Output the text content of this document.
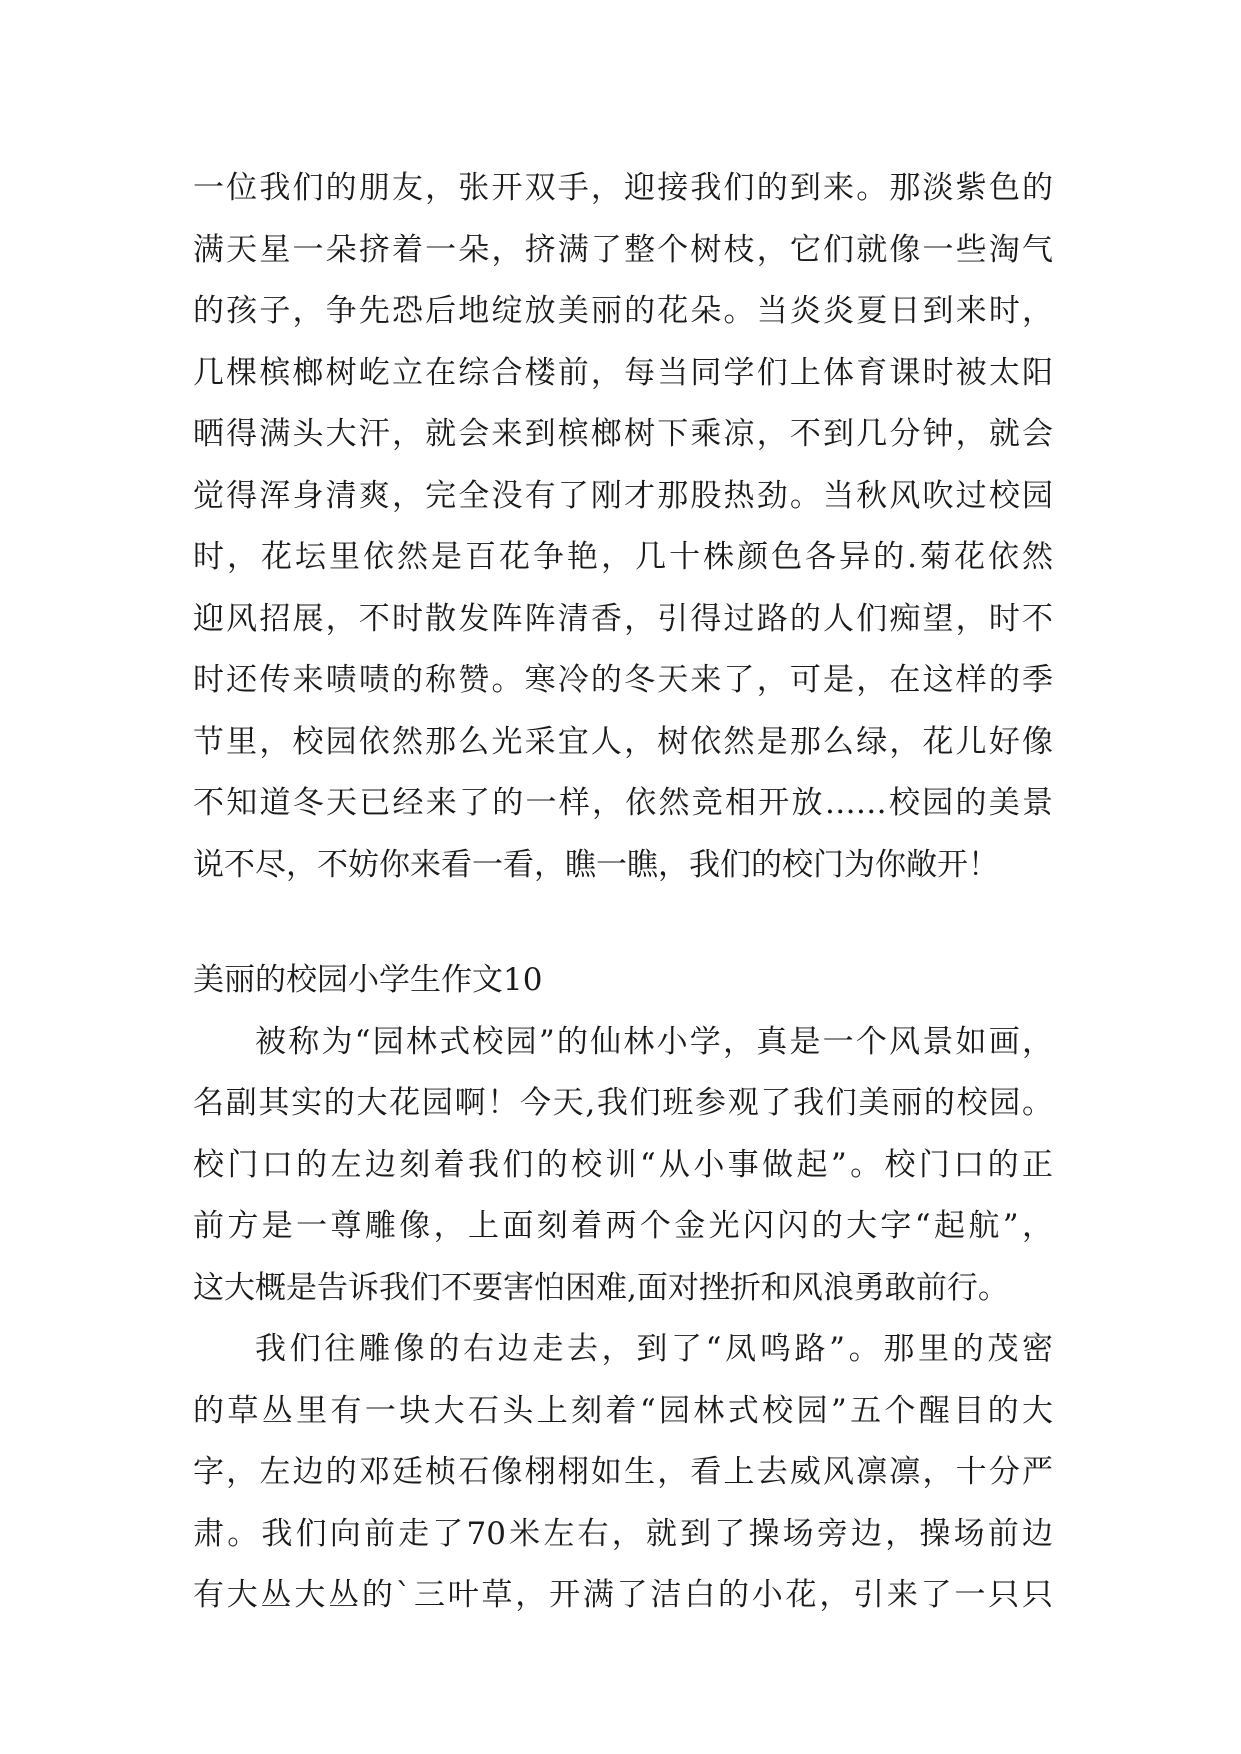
一位我们的朋友，张开双手，迎接我们的到来。那淡紫色的
满天星一朵挤着一朵，挤满了整个树枝，它们就像一些淘气
的孩子，争先恐后地绽放美丽的花朵。当炎炎夏日到来时，
几棵槟榔树屹立在综合楼前，每当同学们上体育课时被太阳
晒得满头大汗，就会来到槟榔树下乘凉，不到几分钟，就会
觉得浑身清爽，完全没有了刚才那股热劲。当秋风吹过校园
时，花坛里依然是百花争艳，几十株颜色各异的.菊花依然
迎风招展，不时散发阵阵清香，引得过路的人们痴望，时不
时还传来啧啧的称赞。寒冷的冬天来了，可是，在这样的季
节里，校园依然那么光采宜人，树依然是那么绿，花儿好像
不知道冬天已经来了的一样，依然竞相开放……校园的美景
说不尽，不妨你来看一看，瞧一瞧，我们的校门为你敞开！
美丽的校园小学生作文10
被称为“园林式校园”的仙林小学，真是一个风景如画，
名副其实的大花园啊！今天,我们班参观了我们美丽的校园。
校门口的左边刻着我们的校训“从小事做起”。校门口的正
前方是一尊雕像，上面刻着两个金光闪闪的大字“起航”，
这大概是告诉我们不要害怕困难,面对挫折和风浪勇敢前行。
我们往雕像的右边走去，到了“凤鸣路”。那里的茂密
的草丛里有一块大石头上刻着“园林式校园”五个醒目的大
字，左边的邓廷桢石像栩栩如生，看上去威风凛凛，十分严
肃。我们向前走了70米左右，就到了操场旁边，操场前边
有大丛大丛的`三叶草，开满了洁白的小花，引来了一只只
